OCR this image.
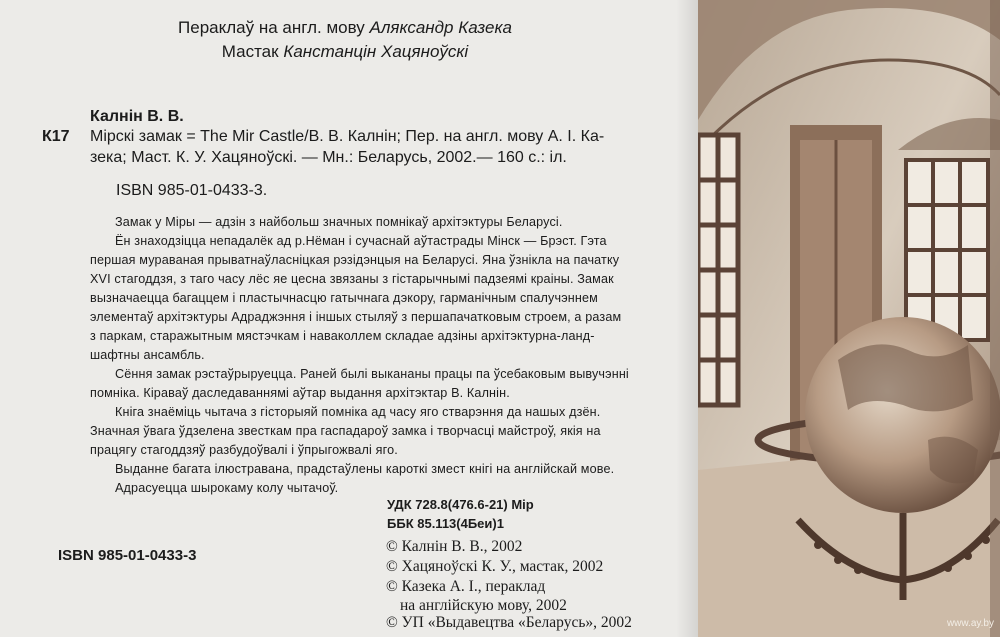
Пераклаў на англ. мову Аляксандр Казека
Мастак Канстанцін Хацяноўскі
Калнін В. В.
К17 Мірскі замак = The Mir Castle/В. В. Калнін; Пер. на англ. мову А. І. Ка-
зека; Маст. К. У. Хацяноўскі. — Мн.: Беларусь, 2002.— 160 с.: іл.
ISBN 985-01-0433-3.
Замак у Міры — адзін з найбольш значных помнікаў архітэктуры Беларусі.
Ён знаходзіцца непадалёк ад р.Нёман і сучаснай аўтастрады Мінск — Брэст. Гэта
першая мураваная прыватнаўласніцкая рэзідэнцыя на Беларусі. Яна ўзнікла на пачатку
XVI стагоддзя, з таго часу лёс яе цесна звязаны з гістарычнымі падзеямі краіны. Замак
вызначаецца багаццем і пластычнасцю гатычнага дэкору, гарманічным спалучэннем
элементаў архітэктуры Адраджэння і іншых стыляў з першапачатковым строем, а разам
з паркам, старажытным мястэчкам і наваколлем складае адзіны архітэктурна-ланд-
шафтны ансамбль.
Сёння замак рэстаўрыруецца. Раней былі выкананы працы па ўсебаковым вывучэнні
помніка. Кіраваў даследаваннямі аўтар выдання архітэктар В. Калнін.
Кніга знаёміць чытача з гісторыяй помніка ад часу яго стварэння да нашых дзён.
Значная ўвага ўдзелена звесткам пра гаспадароў замка і творчасці майстроў, якія на
працягу стагоддзяў разбудоўвалі і ўпрыгожвалі яго.
Выданне багата ілюстравана, прадстаўлены кароткі змест кнігі на англійскай мове.
Адрасуецца шырокаму колу чытачоў.
УДК 728.8(476.6-21) Мір
ББК 85.113(4Беи)1
ISBN 985-01-0433-3
© Калнін В. В., 2002
© Хацяноўскі К. У., мастак, 2002
© Казека А. І., пераклад
на англійскую мову, 2002
© УП «Выдавецтва «Беларусь», 2002	www.ay.by
